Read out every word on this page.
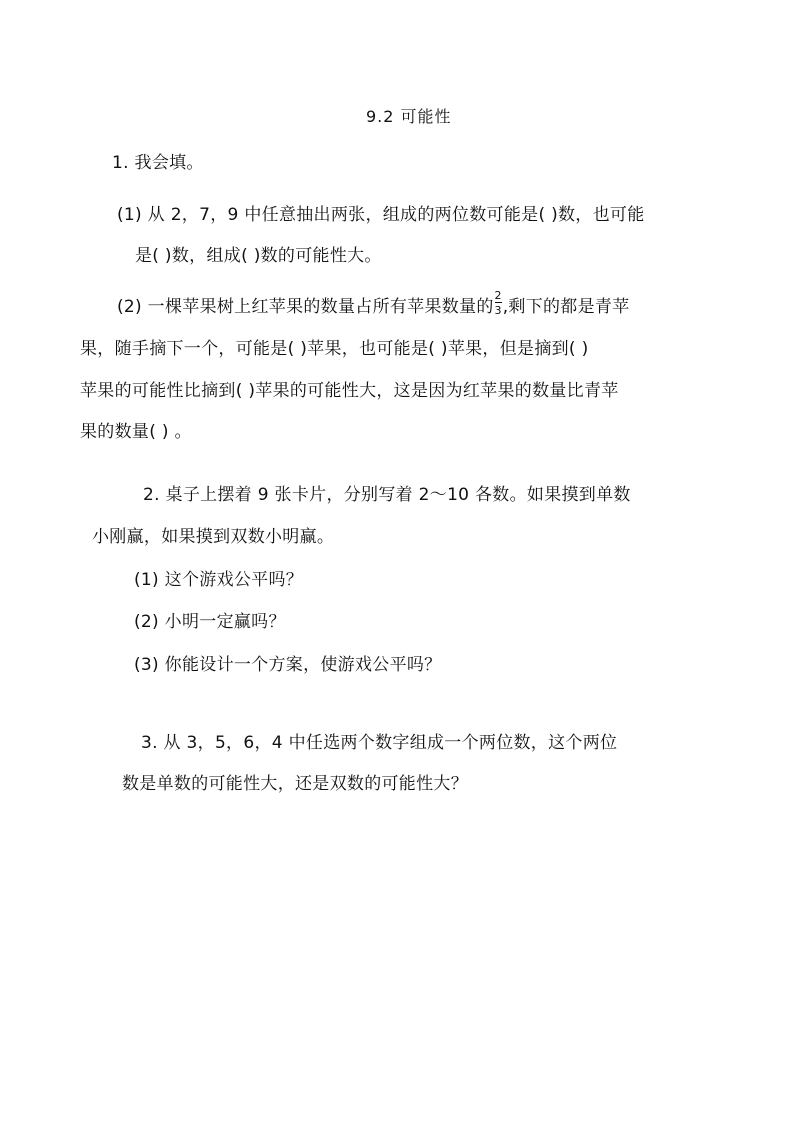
9.2 可能性
1. 我会填。
(1) 从 2，7，9 中任意抽出两张，组成的两位数可能是( )数，也可能
是( )数，组成( )数的可能性大。
(2) 一棵苹果树上红苹果的数量占所有苹果数量的 $\frac{2}{3}$ ,剩下的都是青苹
果，随手摘下一个，可能是( )苹果，也可能是( )苹果，但是摘到( )
苹果的可能性比摘到( )苹果的可能性大，这是因为红苹果的数量比青苹
果的数量( ) 。
2. 桌子上摆着 9 张卡片，分别写着 2～10 各数。如果摸到单数
小刚赢，如果摸到双数小明赢。
(1) 这个游戏公平吗？
(2) 小明一定赢吗？
(3) 你能设计一个方案，使游戏公平吗？
3. 从 3，5，6，4 中任选两个数字组成一个两位数，这个两位
数是单数的可能性大，还是双数的可能性大？
